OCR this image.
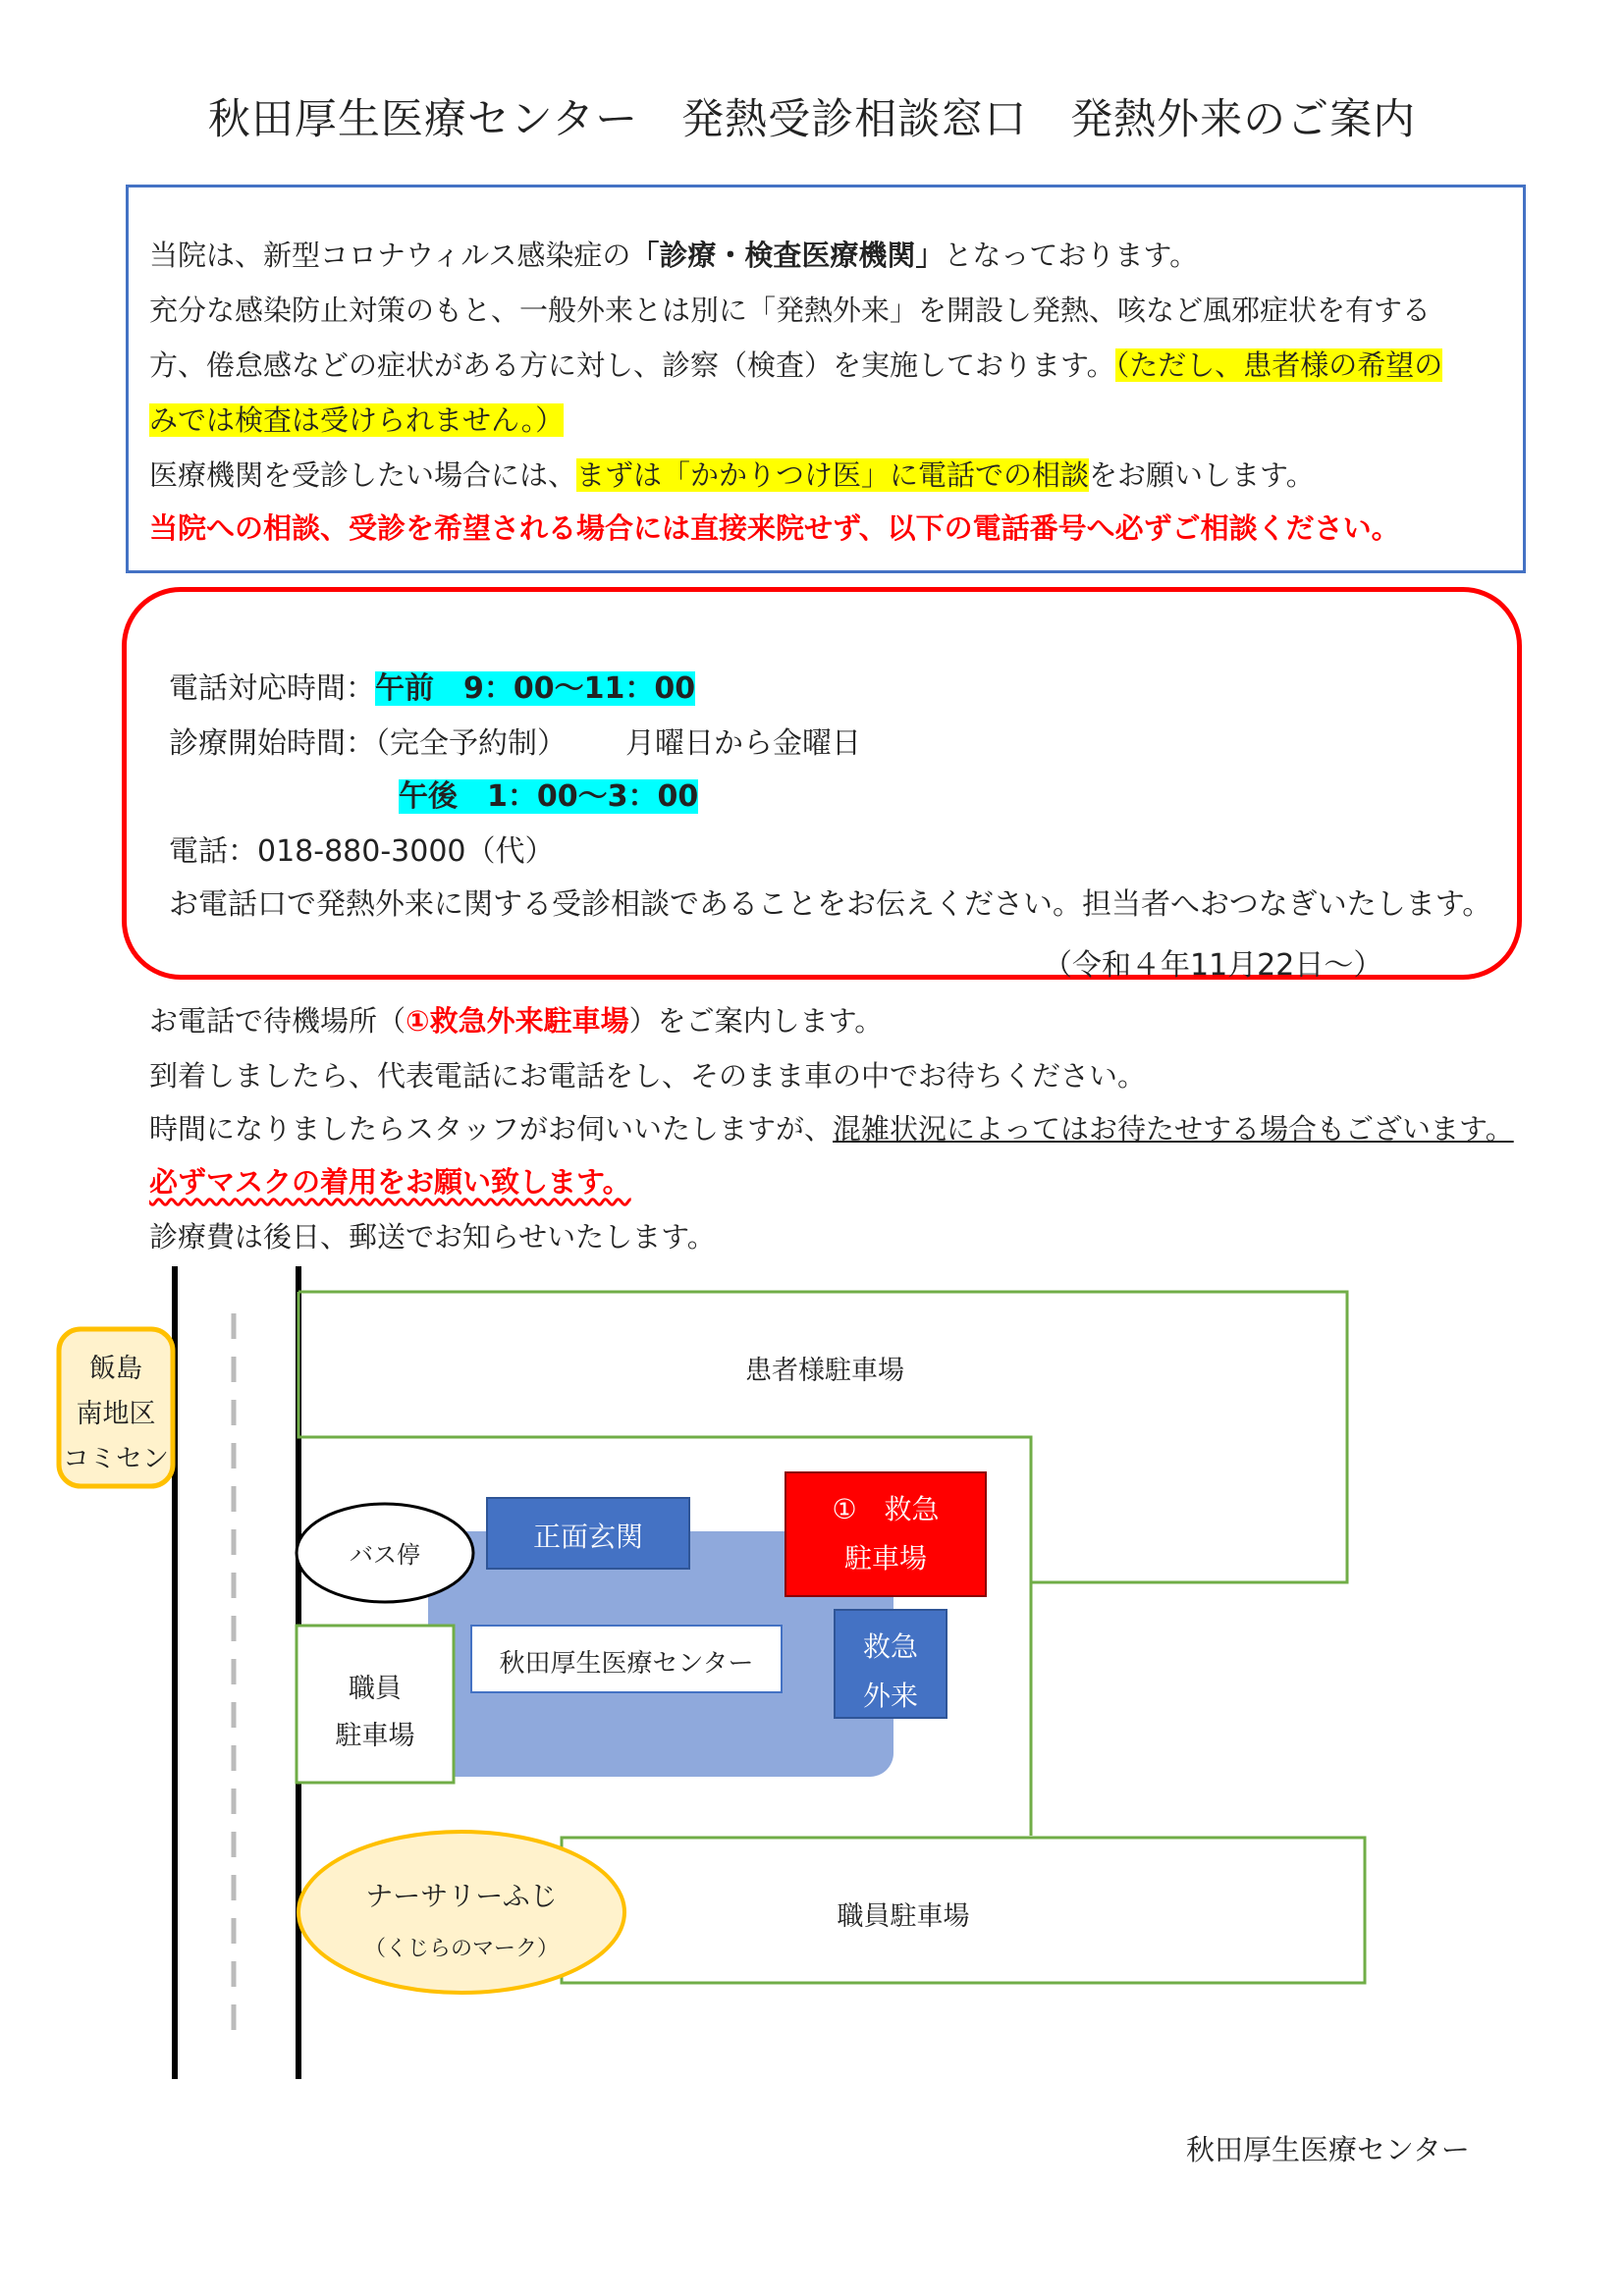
秋田厚生医療センター　発熱受診相談窓口　発熱外来のご案内
当院は、新型コロナウィルス感染症の「診療・検査医療機関」となっております。
充分な感染防止対策のもと、一般外来とは別に「発熱外来」を開設し発熱、咳など風邪症状を有する
方、倦怠感などの症状がある方に対し、診察（検査）を実施しております。（ただし、患者様の希望の
みでは検査は受けられません。）
医療機関を受診したい場合には、まずは「かかりつけ医」に電話での相談をお願いします。
当院への相談、受診を希望される場合には直接来院せず、以下の電話番号へ必ずご相談ください。
電話対応時間：午前　9：00～11：00
診療開始時間：（完全予約制） 月曜日から金曜日
午後　1：00～3：00
電話：018-880-3000（代）
お電話口で発熱外来に関する受診相談であることをお伝えください。担当者へおつなぎいたします。
（令和４年11月22日～）
お電話で待機場所（①救急外来駐車場）をご案内します。
到着しましたら、代表電話にお電話をし、そのまま車の中でお待ちください。
時間になりましたらスタッフがお伺いいたしますが、混雑状況によってはお待たせする場合もございます。
必ずマスクの着用をお願い致します。
診療費は後日、郵送でお知らせいたします。
飯島
南地区
コミセン
患者様駐車場
バス停
正面玄関
①　救急
駐車場
秋田厚生医療センター
救急
外来
職員
駐車場
ナーサリーふじ
（くじらのマーク）
職員駐車場
秋田厚生医療センター
